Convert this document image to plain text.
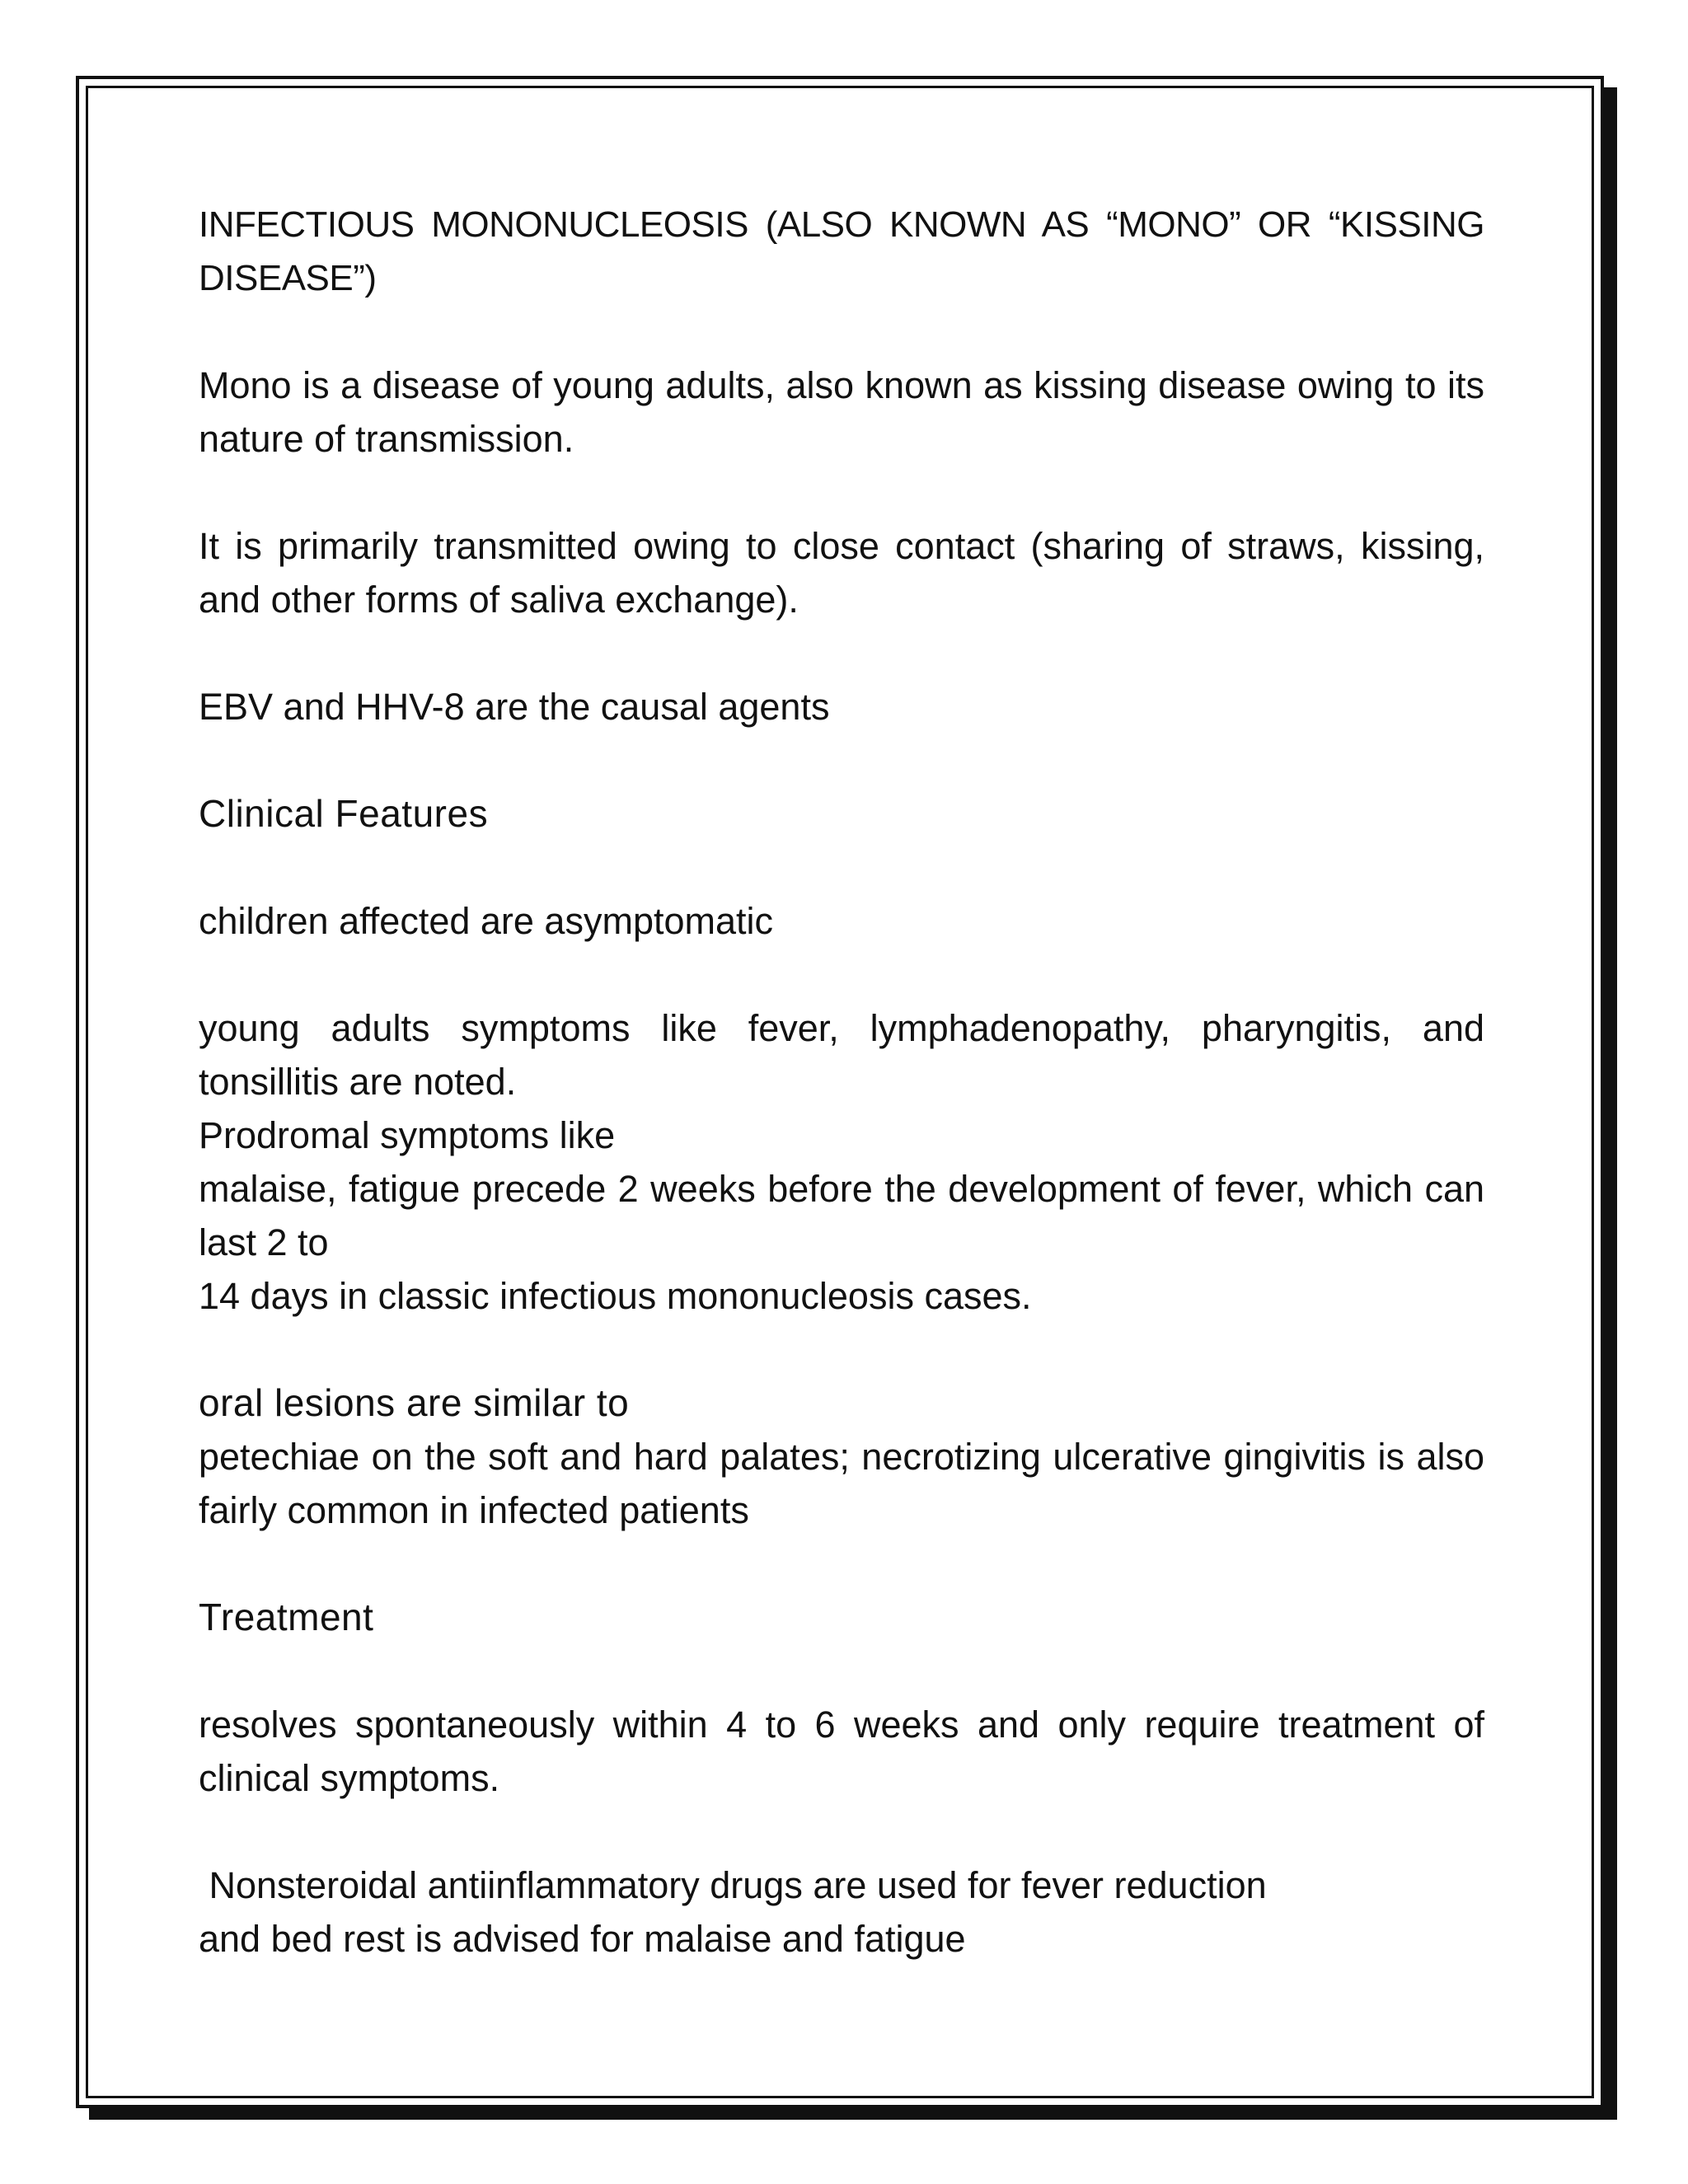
INFECTIOUS MONONUCLEOSIS (ALSO KNOWN AS “MONO” OR “KISSING DISEASE”)

Mono is a disease of young adults, also known as kissing disease owing to its nature of transmission.

It is primarily transmitted owing to close contact (sharing of straws, kissing, and other forms of saliva exchange).

EBV and HHV-8 are the causal agents

Clinical Features

children affected are asymptomatic

young adults symptoms like fever, lymphadenopathy, pharyngitis, and tonsillitis are noted.

Prodromal symptoms like

malaise, fatigue precede 2 weeks before the development of fever, which can last 2 to

14 days in classic infectious mononucleosis cases.

oral lesions are similar to

petechiae on the soft and hard palates; necrotizing ulcerative gingivitis is also fairly common in infected patients

Treatment

resolves spontaneously within 4 to 6 weeks and only require treatment of clinical symptoms.

Nonsteroidal antiinflammatory drugs are used for fever reduction

and bed rest is advised for malaise and fatigue
